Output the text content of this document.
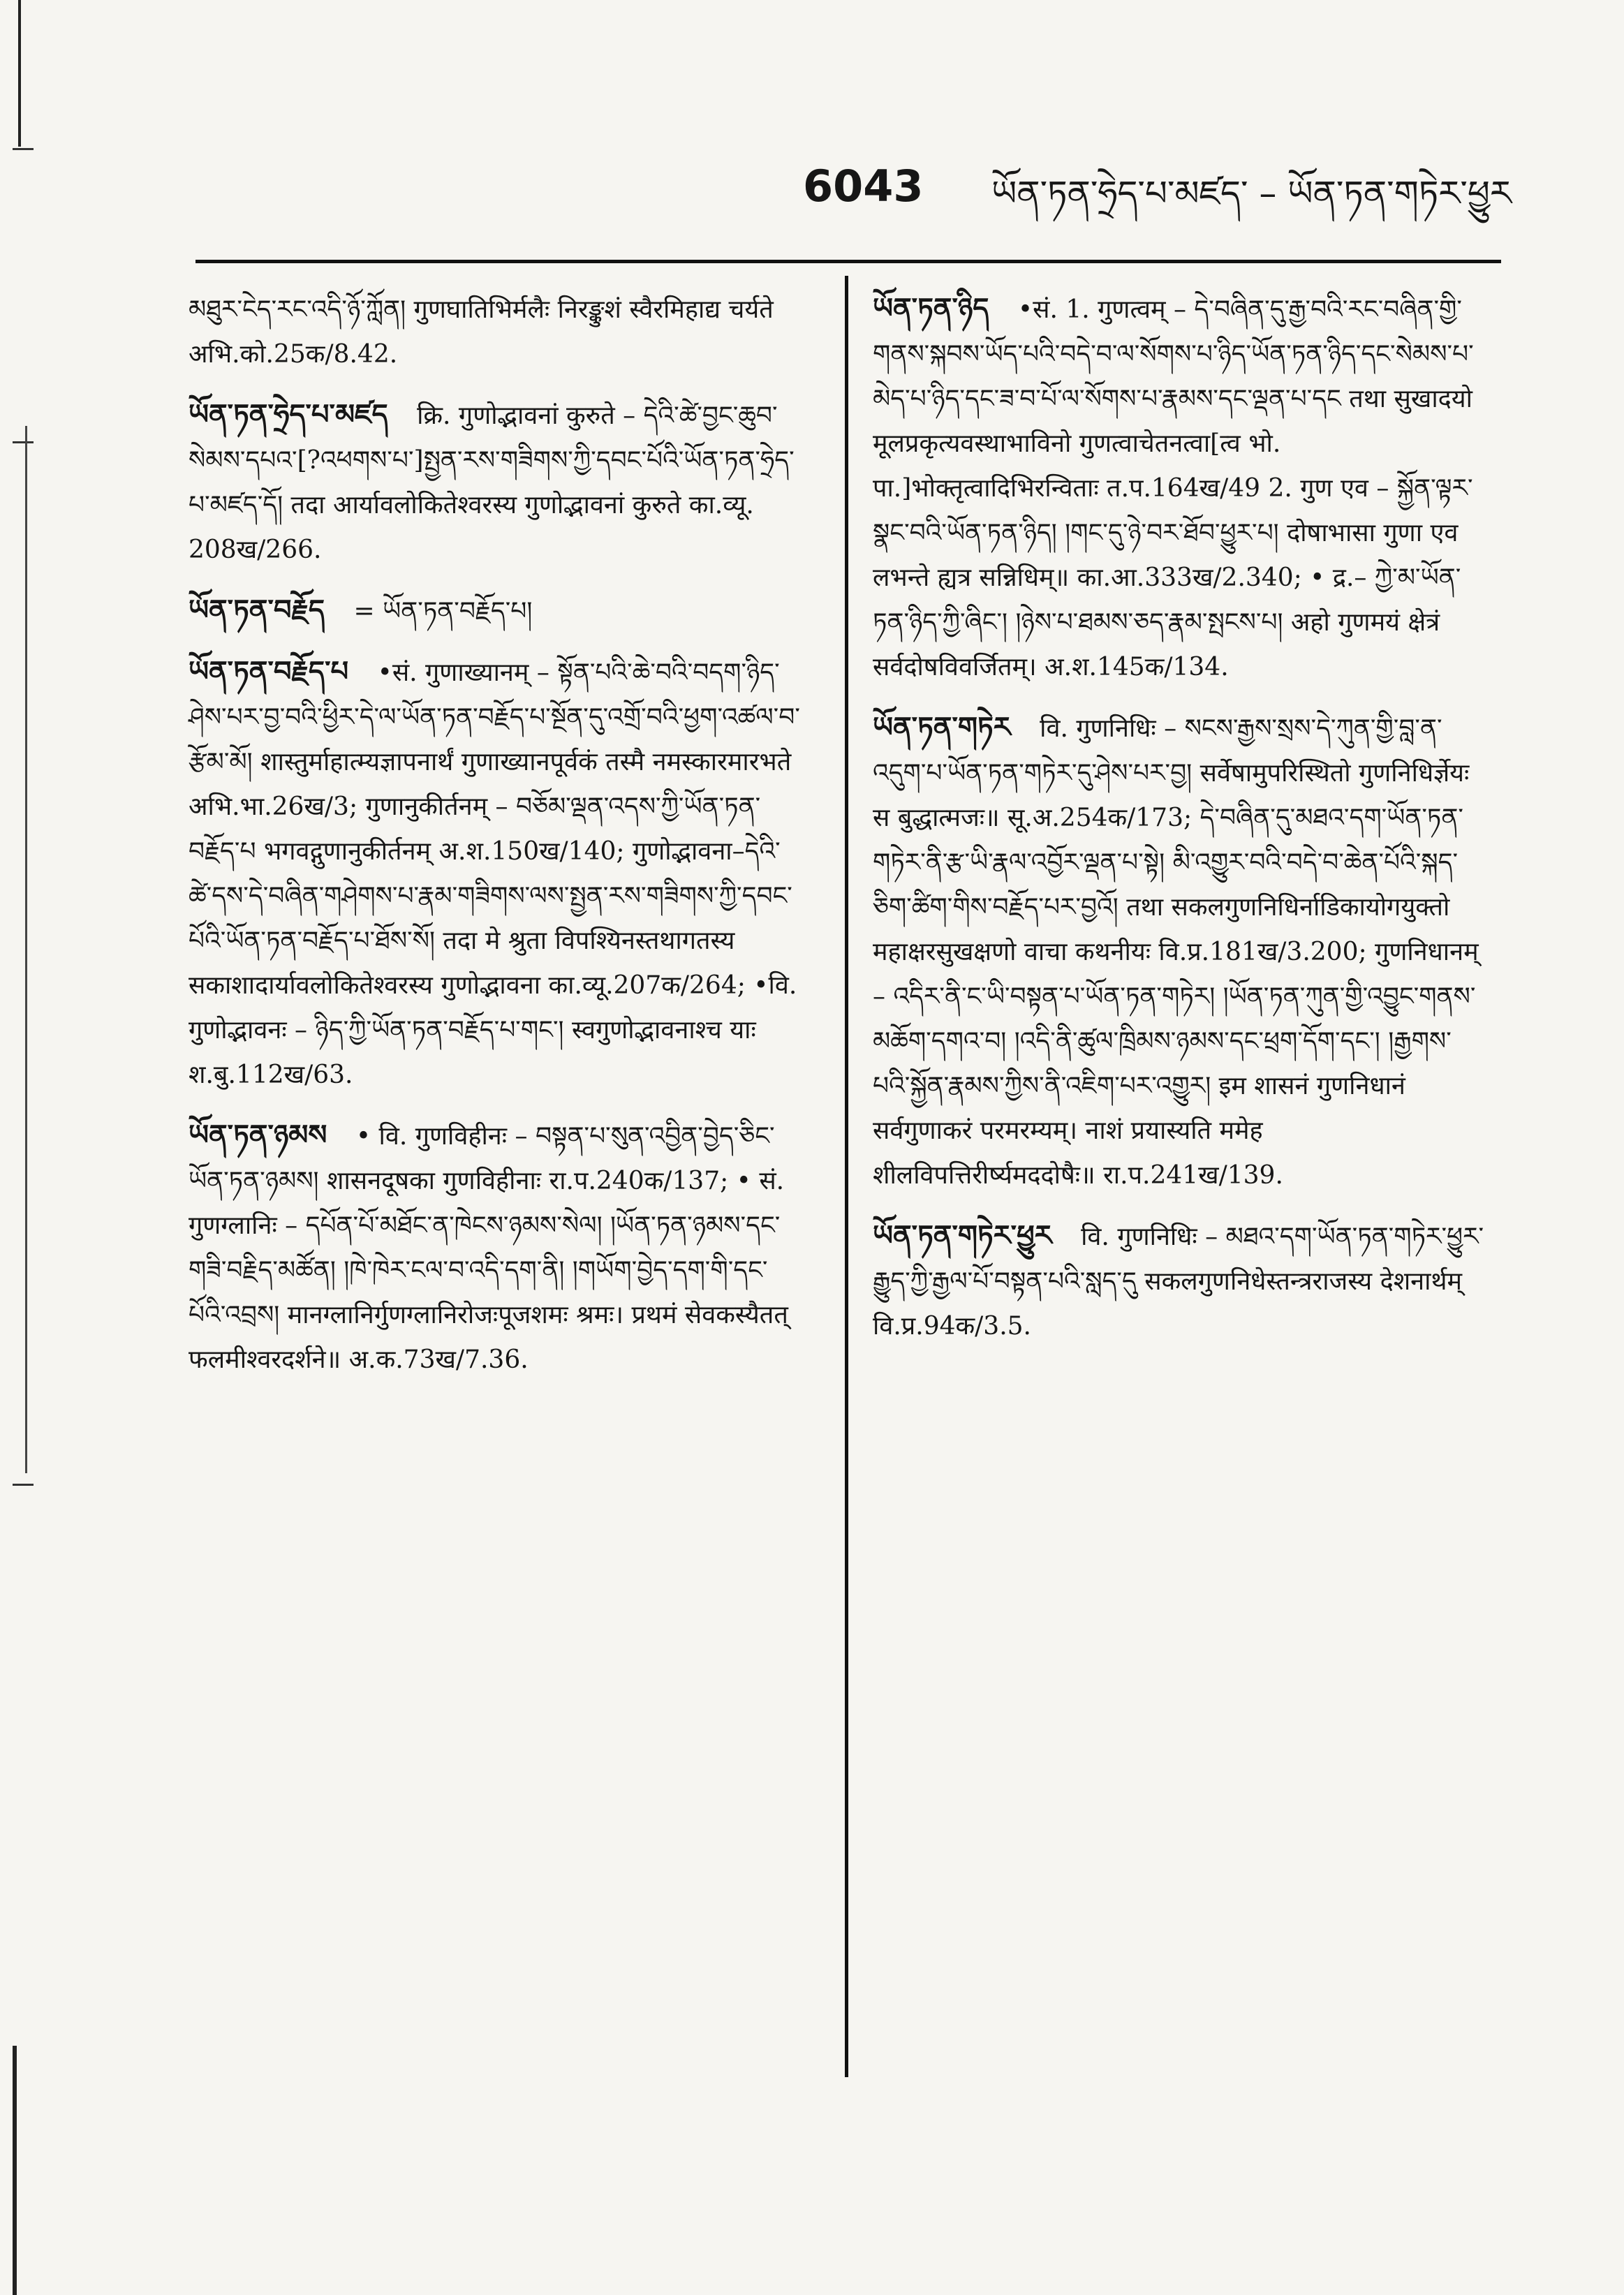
6043 ཡོན་ཏན་ཧྲེད་པ་མཛད་ – ཡོན་ཏན་གཏེར་ཕྱུར
མཐུར་ངེད་རང་འདི་ཉོ་ཀློན། गुणघातिभिर्मलैः निरङ्कुशं स्वैरमिहाद्य चर्यते अभि.को.25क/8.42.
ཡོན་ཏན་ཧྲེད་པ་མཛད क्रि. गुणोद्भावनां कुरुते – དེའི་ཚེ་བྱང་ཆུབ་སེམས་དཔའ་[?འཕགས་པ་]སྤྱན་རས་གཟིགས་ཀྱི་དབང་པོའི་ཡོན་ཏན་ཧྲེད་པ་མཛད་དོ། तदा आर्यावलोकितेश्वरस्य गुणोद्भावनां कुरुते का.व्यू. 208ख/266.
ཡོན་ཏན་བརྗོད = ཡོན་ཏན་བརྗོད་པ།
ཡོན་ཏན་བརྗོད་པ •सं. गुणाख्यानम् – སྟོན་པའི་ཆེ་བའི་བདག་ཉིད་ཤེས་པར་བྱ་བའི་ཕྱིར་དེ་ལ་ཡོན་ཏན་བརྗོད་པ་སྔོན་དུ་འགྲོ་བའི་ཕྱག་འཚལ་བ་རྩོམ་མོ། शास्तुर्माहात्म्यज्ञापनार्थं गुणाख्यानपूर्वकं तस्मै नमस्कारमारभते अभि.भा.26ख/3; गुणानुकीर्तनम् – བཅོམ་ལྡན་འདས་ཀྱི་ཡོན་ཏན་བརྗོད་པ भगवद्गुणानुकीर्तनम् अ.श.150ख/140; गुणोद्भावना–དེའི་ཚེ་དས་དེ་བཞིན་གཤེགས་པ་རྣམ་གཟིགས་ལས་སྤྱན་རས་གཟིགས་ཀྱི་དབང་པོའི་ཡོན་ཏན་བརྗོད་པ་ཐོས་སོ། तदा मे श्रुता विपश्यिनस्तथागतस्य सकाशादार्यावलोकितेश्वरस्य गुणोद्भावना का.व्यू.207क/264; •वि. गुणोद्भावनः – ཉིད་ཀྱི་ཡོན་ཏན་བརྗོད་པ་གང་། स्वगुणोद्भावनाश्च याः श.बु.112ख/63.
ཡོན་ཏན་ཉམས • वि. गुणविहीनः – བསྟན་པ་སུན་འབྱིན་བྱེད་ཅིང་ཡོན་ཏན་ཉམས། शासनदूषका गुणविहीनाः रा.प.240क/137; • सं. गुणग्लानिः – དཔོན་པོ་མཐོང་ན་ཁེངས་ཉམས་སེལ། །ཡོན་ཏན་ཉམས་དང་གཟི་བརྗིད་མཚོན། །ཁེ་ཁེར་ངལ་བ་འདི་དག་ནི། །གཡོག་བྱེད་དག་གི་དང་པོའི་འབྲས། मानग्लानिर्गुणग्लानिरोजःपूजशमः श्रमः। प्रथमं सेवकस्यैतत् फलमीश्वरदर्शने॥ अ.क.73ख/7.36.
ཡོན་ཏན་ཉིད •सं. 1. गुणत्वम् – དེ་བཞིན་དུ་རྒྱ་བའི་རང་བཞིན་གྱི་གནས་སྐབས་ཡོད་པའི་བདེ་བ་ལ་སོགས་པ་ཉིད་ཡོན་ཏན་ཉིད་དང་སེམས་པ་མེད་པ་ཉིད་དང་ཟ་བ་པོ་ལ་སོགས་པ་རྣམས་དང་ལྡན་པ་དང तथा सुखादयो मूलप्रकृत्यवस्थाभाविनो गुणत्वाचेतनत्वा[त्व भो. पा.]भोक्तृत्वादिभिरन्विताः त.प.164ख/49 2. गुण एव – སྐྱོན་ལྟར་སྣང་བའི་ཡོན་ཏན་ཉིད། །གང་དུ་ཉེ་བར་ཐོབ་ཕྱུར་པ། दोषाभासा गुणा एव लभन्ते ह्यत्र सन्निधिम्॥ का.आ.333ख/2.340; • द्र.– ཀྱེ་མ་ཡོན་ཏན་ཉིད་ཀྱི་ཞིང་། །ཉེས་པ་ཐམས་ཅད་རྣམ་སྤངས་པ། अहो गुणमयं क्षेत्रं सर्वदोषविवर्जितम्। अ.श.145क/134.
ཡོན་ཏན་གཏེར वि. गुणनिधिः – སངས་རྒྱས་སྲས་དེ་ཀུན་གྱི་བླ་ན་འདུག་པ་ཡོན་ཏན་གཏེར་དུ་ཤེས་པར་བྱ། सर्वेषामुपरिस्थितो गुणनिधिर्ज्ञेयः स बुद्धात्मजः॥ सू.अ.254क/173; དེ་བཞིན་དུ་མཐའ་དག་ཡོན་ཏན་གཏེར་ནི་རྩ་ཡི་རྣལ་འབྱོར་ལྡན་པ་སྟེ། མི་འགྱུར་བའི་བདེ་བ་ཆེན་པོའི་སྐད་ཅིག་ཚིག་གིས་བརྗོད་པར་བྱའོ། तथा सकलगुणनिधिर्नाडिकायोगयुक्तो महाक्षरसुखक्षणो वाचा कथनीयः वि.प्र.181ख/3.200; गुणनिधानम् – འདིར་ནི་ང་ཡི་བསྟན་པ་ཡོན་ཏན་གཏེར། །ཡོན་ཏན་ཀུན་གྱི་འབྱུང་གནས་མཆོག་དགའ་བ། །འདི་ནི་ཚུལ་ཁྲིམས་ཉམས་དང་ཕྲག་དོག་དང་། །རྒྱགས་པའི་སྐྱོན་རྣམས་ཀྱིས་ནི་འཇིག་པར་འགྱུར། इम शासनं गुणनिधानं सर्वगुणाकरं परमरम्यम्। नाशं प्रयास्यति ममेह शीलविपत्तिरीर्ष्यमददोषैः॥ रा.प.241ख/139.
ཡོན་ཏན་གཏེར་ཕྱུར वि. गुणनिधिः – མཐའ་དག་ཡོན་ཏན་གཏེར་ཕྱུར་རྒྱུད་ཀྱི་རྒྱལ་པོ་བསྟན་པའི་སླད་དུ सकलगुणनिधेस्तन्त्रराजस्य देशनार्थम् वि.प्र.94क/3.5.
